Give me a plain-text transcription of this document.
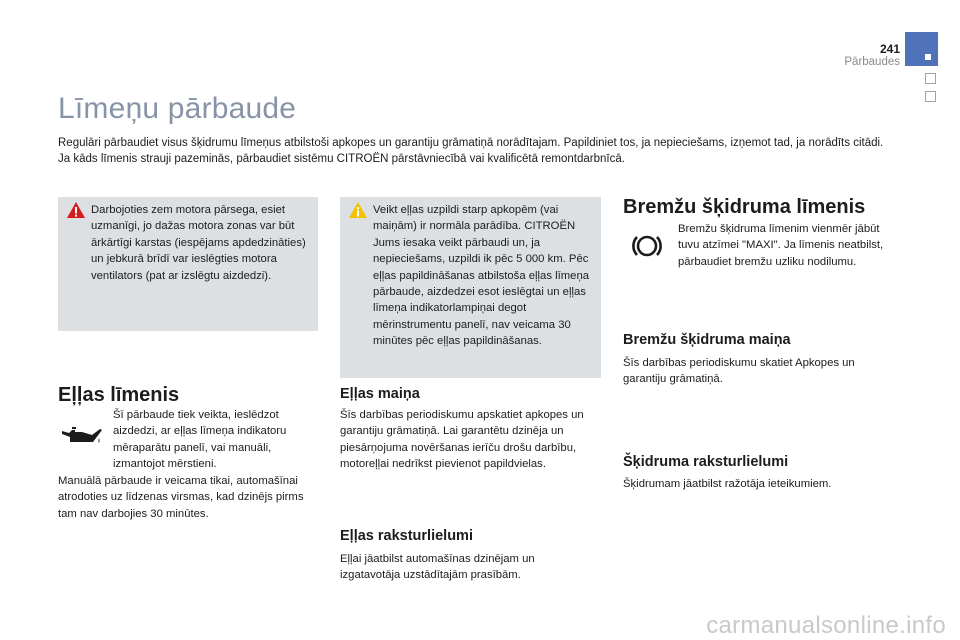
241
Pārbaudes
Līmeņu pārbaude

Regulāri pārbaudiet visus šķidrumu līmeņus atbilstoši apkopes un garantiju grāmatiņā norādītajam. Papildiniet tos, ja nepieciešams, izņemot tad, ja norādīts citādi.

Ja kāds līmenis strauji pazeminās, pārbaudiet sistēmu CITROËN pārstāvniecībā vai kvalificētā remontdarbnīcā.

Darbojoties zem motora pārsega, esiet uzmanīgi, jo dažas motora zonas var būt ārkārtīgi karstas (iespējams apdedzināties) un jebkurā brīdī var ieslēgties motora ventilators (pat ar izslēgtu aizdedzi).
Veikt eļļas uzpildi starp apkopēm (vai maiņām) ir normāla parādība. CITROËN Jums iesaka veikt pārbaudi un, ja nepieciešams, uzpildi ik pēc 5 000 km. Pēc eļļas papildināšanas atbilstoša eļļas līmeņa pārbaude, aizdedzei esot ieslēgtai un eļļas līmeņa indikatorlampiņai degot mērinstrumentu panelī, nav veicama 30 minūtes pēc eļļas papildināšanas.
Eļļas līmenis
Šī pārbaude tiek veikta, ieslēdzot aizdedzi, ar eļļas līmeņa indikatoru mēraparātu panelī, vai manuāli, izmantojot mērstieni.
Manuālā pārbaude ir veicama tikai, automašīnai atrodoties uz līdzenas virsmas, kad dzinējs pirms tam nav darbojies 30 minūtes.
Eļļas maiņa
Šīs darbības periodiskumu apskatiet apkopes un garantiju grāmatiņā. Lai garantētu dzinēja un piesārņojuma novēršanas ierīču drošu darbību, motoreļļai nedrīkst pievienot papildvielas.
Eļļas raksturlielumi
Eļļai jāatbilst automašīnas dzinējam un izgatavotāja uzstādītajām prasībām.
Bremžu šķidruma līmenis
Bremžu šķidruma līmenim vienmēr jābūt tuvu atzīmei "MAXI". Ja līmenis neatbilst, pārbaudiet bremžu uzliku nodilumu.
Bremžu šķidruma maiņa
Šīs darbības periodiskumu skatiet Apkopes un garantiju grāmatiņā.
Šķidruma raksturlielumi
Šķidrumam jāatbilst ražotāja ieteikumiem.
carmanualsonline.info
